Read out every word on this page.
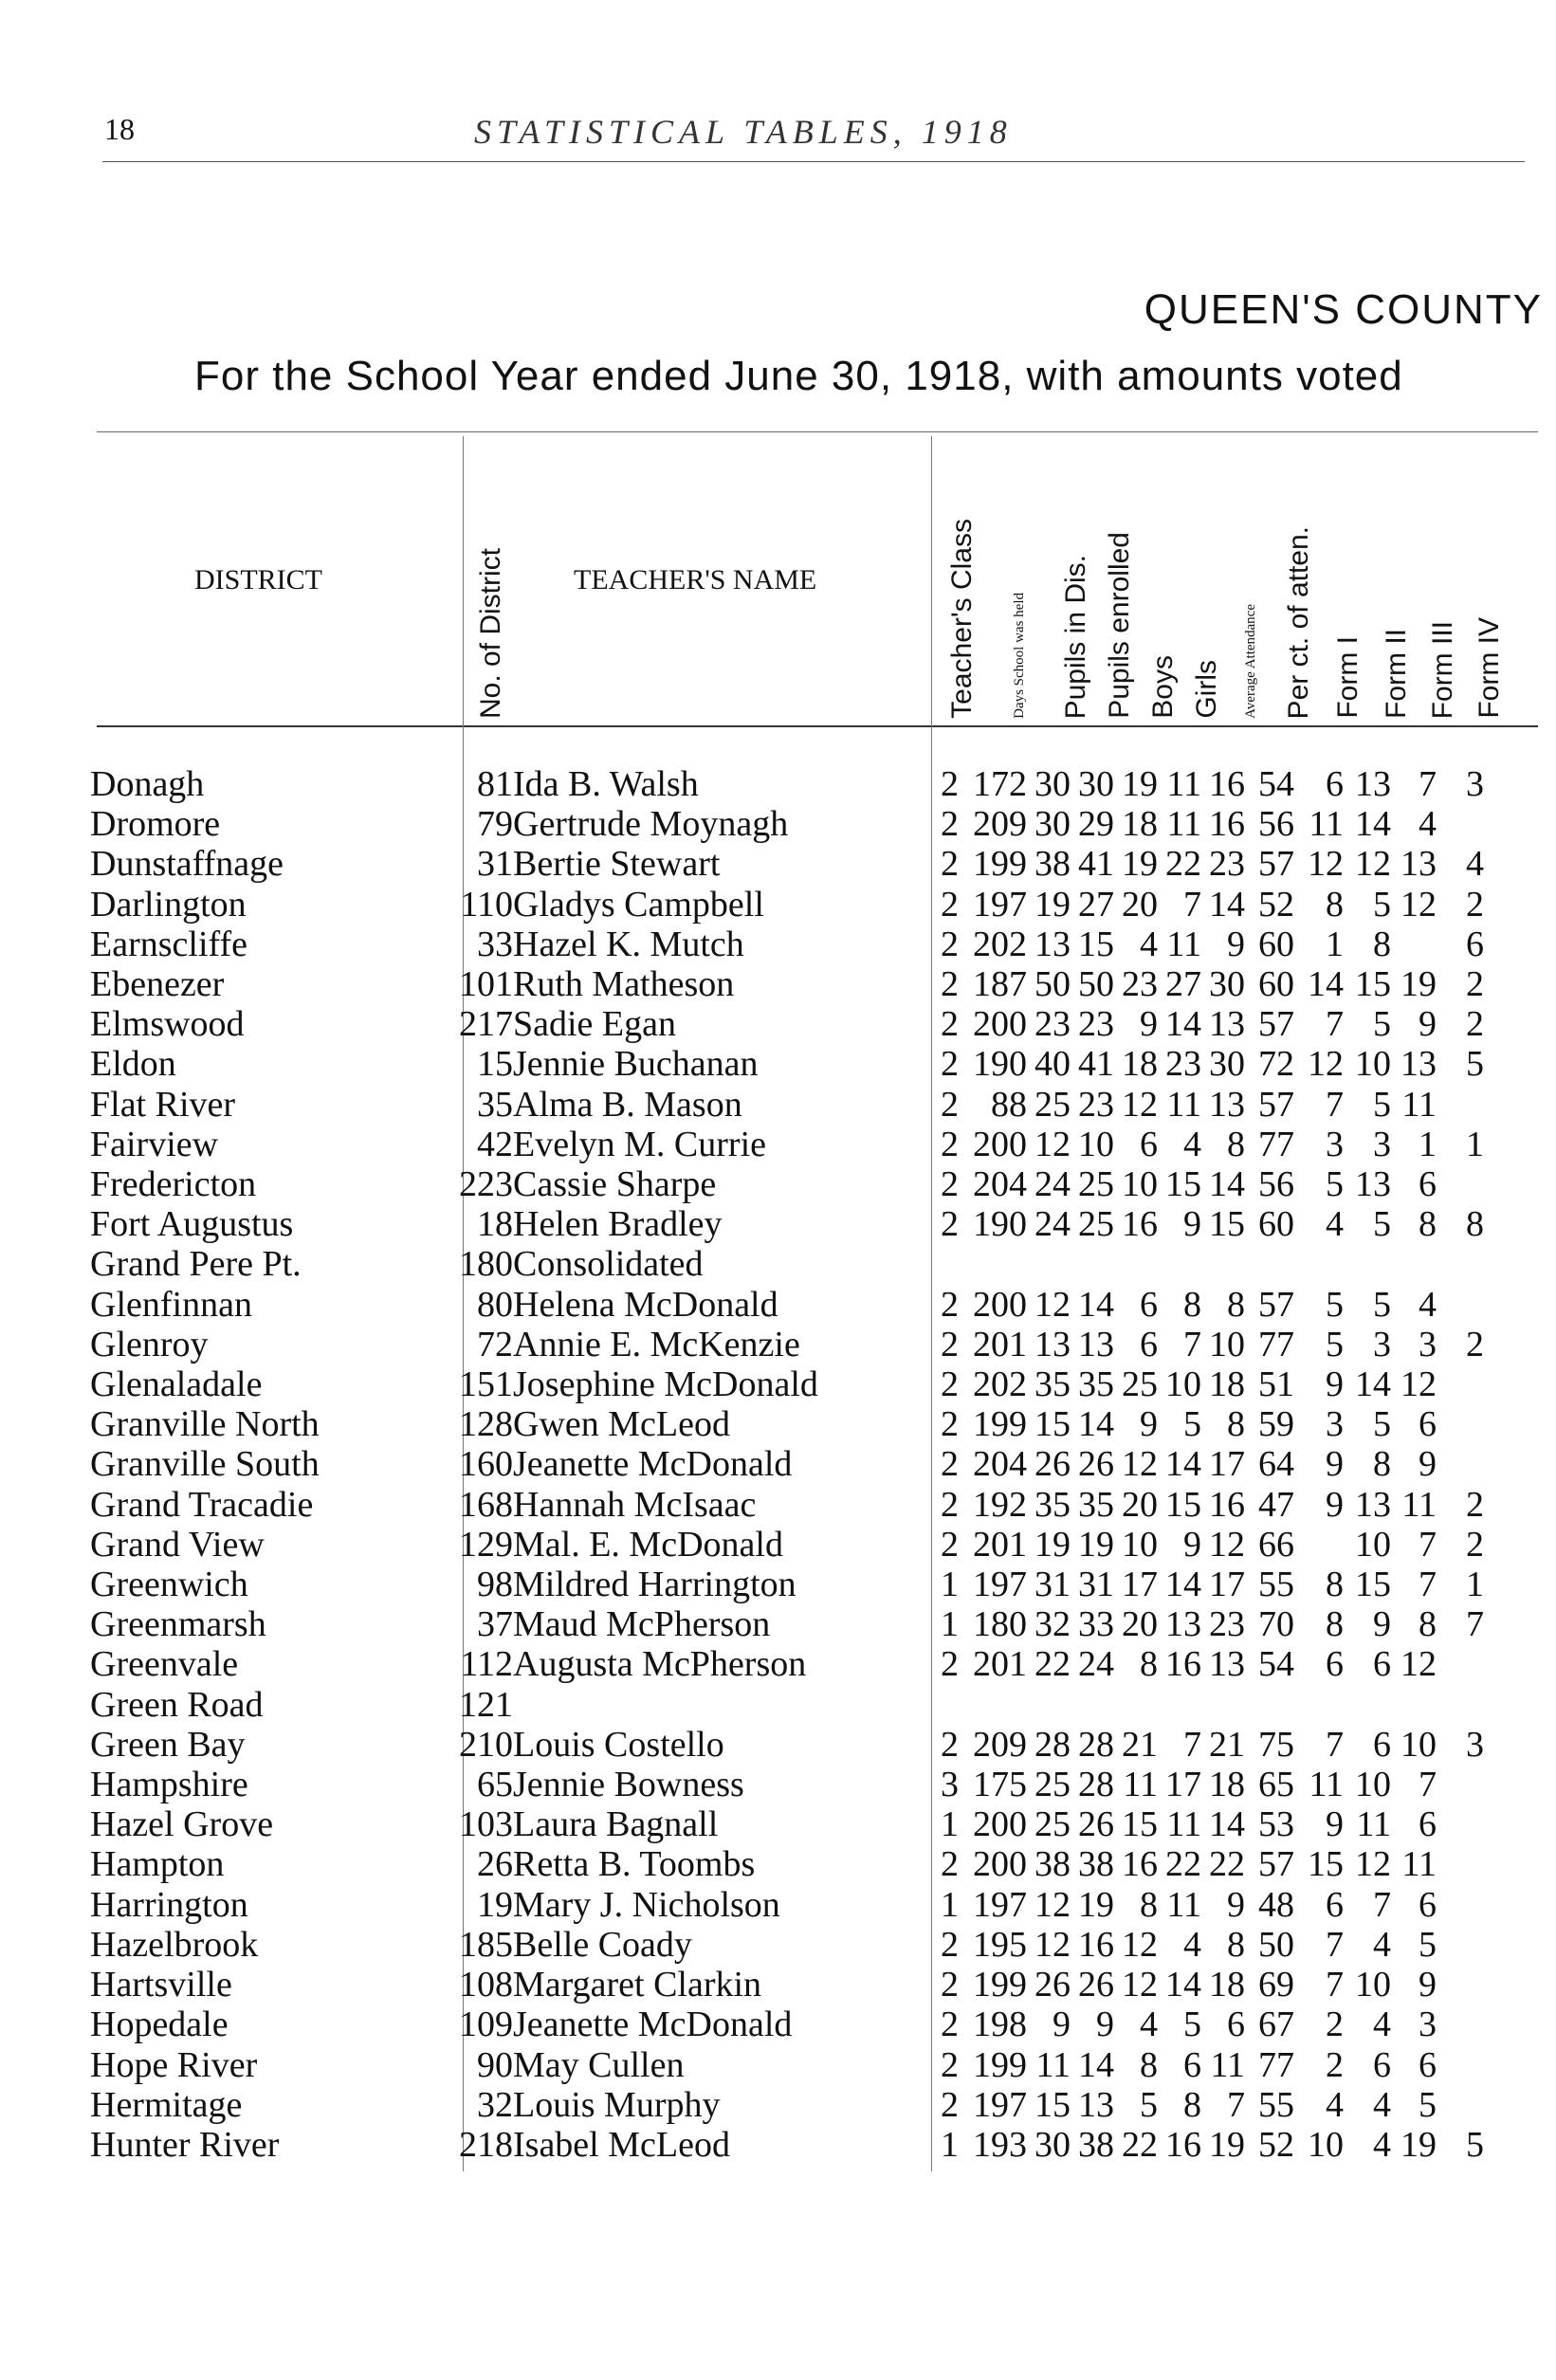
18	STATISTICAL TABLES, 1918
QUEEN'S COUNTY
For the School Year ended June 30, 1918, with amounts voted
DISTRICT	No. of District TEACHER'S NAME	Teacher's Class Days School was held Pupils in Dis. Pupils enrolled Boys Girls Average Attendance Per ct. of atten. Form I Form II Form III Form IV
Donagh	81	Ida B. Walsh	2	172	30	30	19	11	16	54	6	13	7	3
Dromore	79	Gertrude Moynagh	2	209	30	29	18	11	16	56	11	14	4	
Dunstaffnage	31	Bertie Stewart	2	199	38	41	19	22	23	57	12	12	13	4
Darlington	110	Gladys Campbell	2	197	19	27	20	7	14	52	8	5	12	2
Earnscliffe	33	Hazel K. Mutch	2	202	13	15	4	11	9	60	1	8		6
Ebenezer	101	Ruth Matheson	2	187	50	50	23	27	30	60	14	15	19	2
Elmswood	217	Sadie Egan	2	200	23	23	9	14	13	57	7	5	9	2
Eldon	15	Jennie Buchanan	2	190	40	41	18	23	30	72	12	10	13	5
Flat River	35	Alma B. Mason	2	88	25	23	12	11	13	57	7	5	11	
Fairview	42	Evelyn M. Currie	2	200	12	10	6	4	8	77	3	3	1	1
Fredericton	223	Cassie Sharpe	2	204	24	25	10	15	14	56	5	13	6	
Fort Augustus	18	Helen Bradley	2	190	24	25	16	9	15	60	4	5	8	8
Grand Pere Pt.	180	Consolidated												
Glenfinnan	80	Helena McDonald	2	200	12	14	6	8	8	57	5	5	4	
Glenroy	72	Annie E. McKenzie	2	201	13	13	6	7	10	77	5	3	3	2
Glenaladale	151	Josephine McDonald	2	202	35	35	25	10	18	51	9	14	12	
Granville North	128	Gwen McLeod	2	199	15	14	9	5	8	59	3	5	6	
Granville South	160	Jeanette McDonald	2	204	26	26	12	14	17	64	9	8	9	
Grand Tracadie	168	Hannah McIsaac	2	192	35	35	20	15	16	47	9	13	11	2
Grand View	129	Mal. E. McDonald	2	201	19	19	10	9	12	66		10	7	2
Greenwich	98	Mildred Harrington	1	197	31	31	17	14	17	55	8	15	7	1
Greenmarsh	37	Maud McPherson	1	180	32	33	20	13	23	70	8	9	8	7
Greenvale	112	Augusta McPherson	2	201	22	24	8	16	13	54	6	6	12	
Green Road	121													
Green Bay	210	Louis Costello	2	209	28	28	21	7	21	75	7	6	10	3
Hampshire	65	Jennie Bowness	3	175	25	28	11	17	18	65	11	10	7	
Hazel Grove	103	Laura Bagnall	1	200	25	26	15	11	14	53	9	11	6	
Hampton	26	Retta B. Toombs	2	200	38	38	16	22	22	57	15	12	11	
Harrington	19	Mary J. Nicholson	1	197	12	19	8	11	9	48	6	7	6	
Hazelbrook	185	Belle Coady	2	195	12	16	12	4	8	50	7	4	5	
Hartsville	108	Margaret Clarkin	2	199	26	26	12	14	18	69	7	10	9	
Hopedale	109	Jeanette McDonald	2	198	9	9	4	5	6	67	2	4	3	
Hope River	90	May Cullen	2	199	11	14	8	6	11	77	2	6	6	
Hermitage	32	Louis Murphy	2	197	15	13	5	8	7	55	4	4	5	
Hunter River	218	Isabel McLeod	1	193	30	38	22	16	19	52	10	4	19	5
